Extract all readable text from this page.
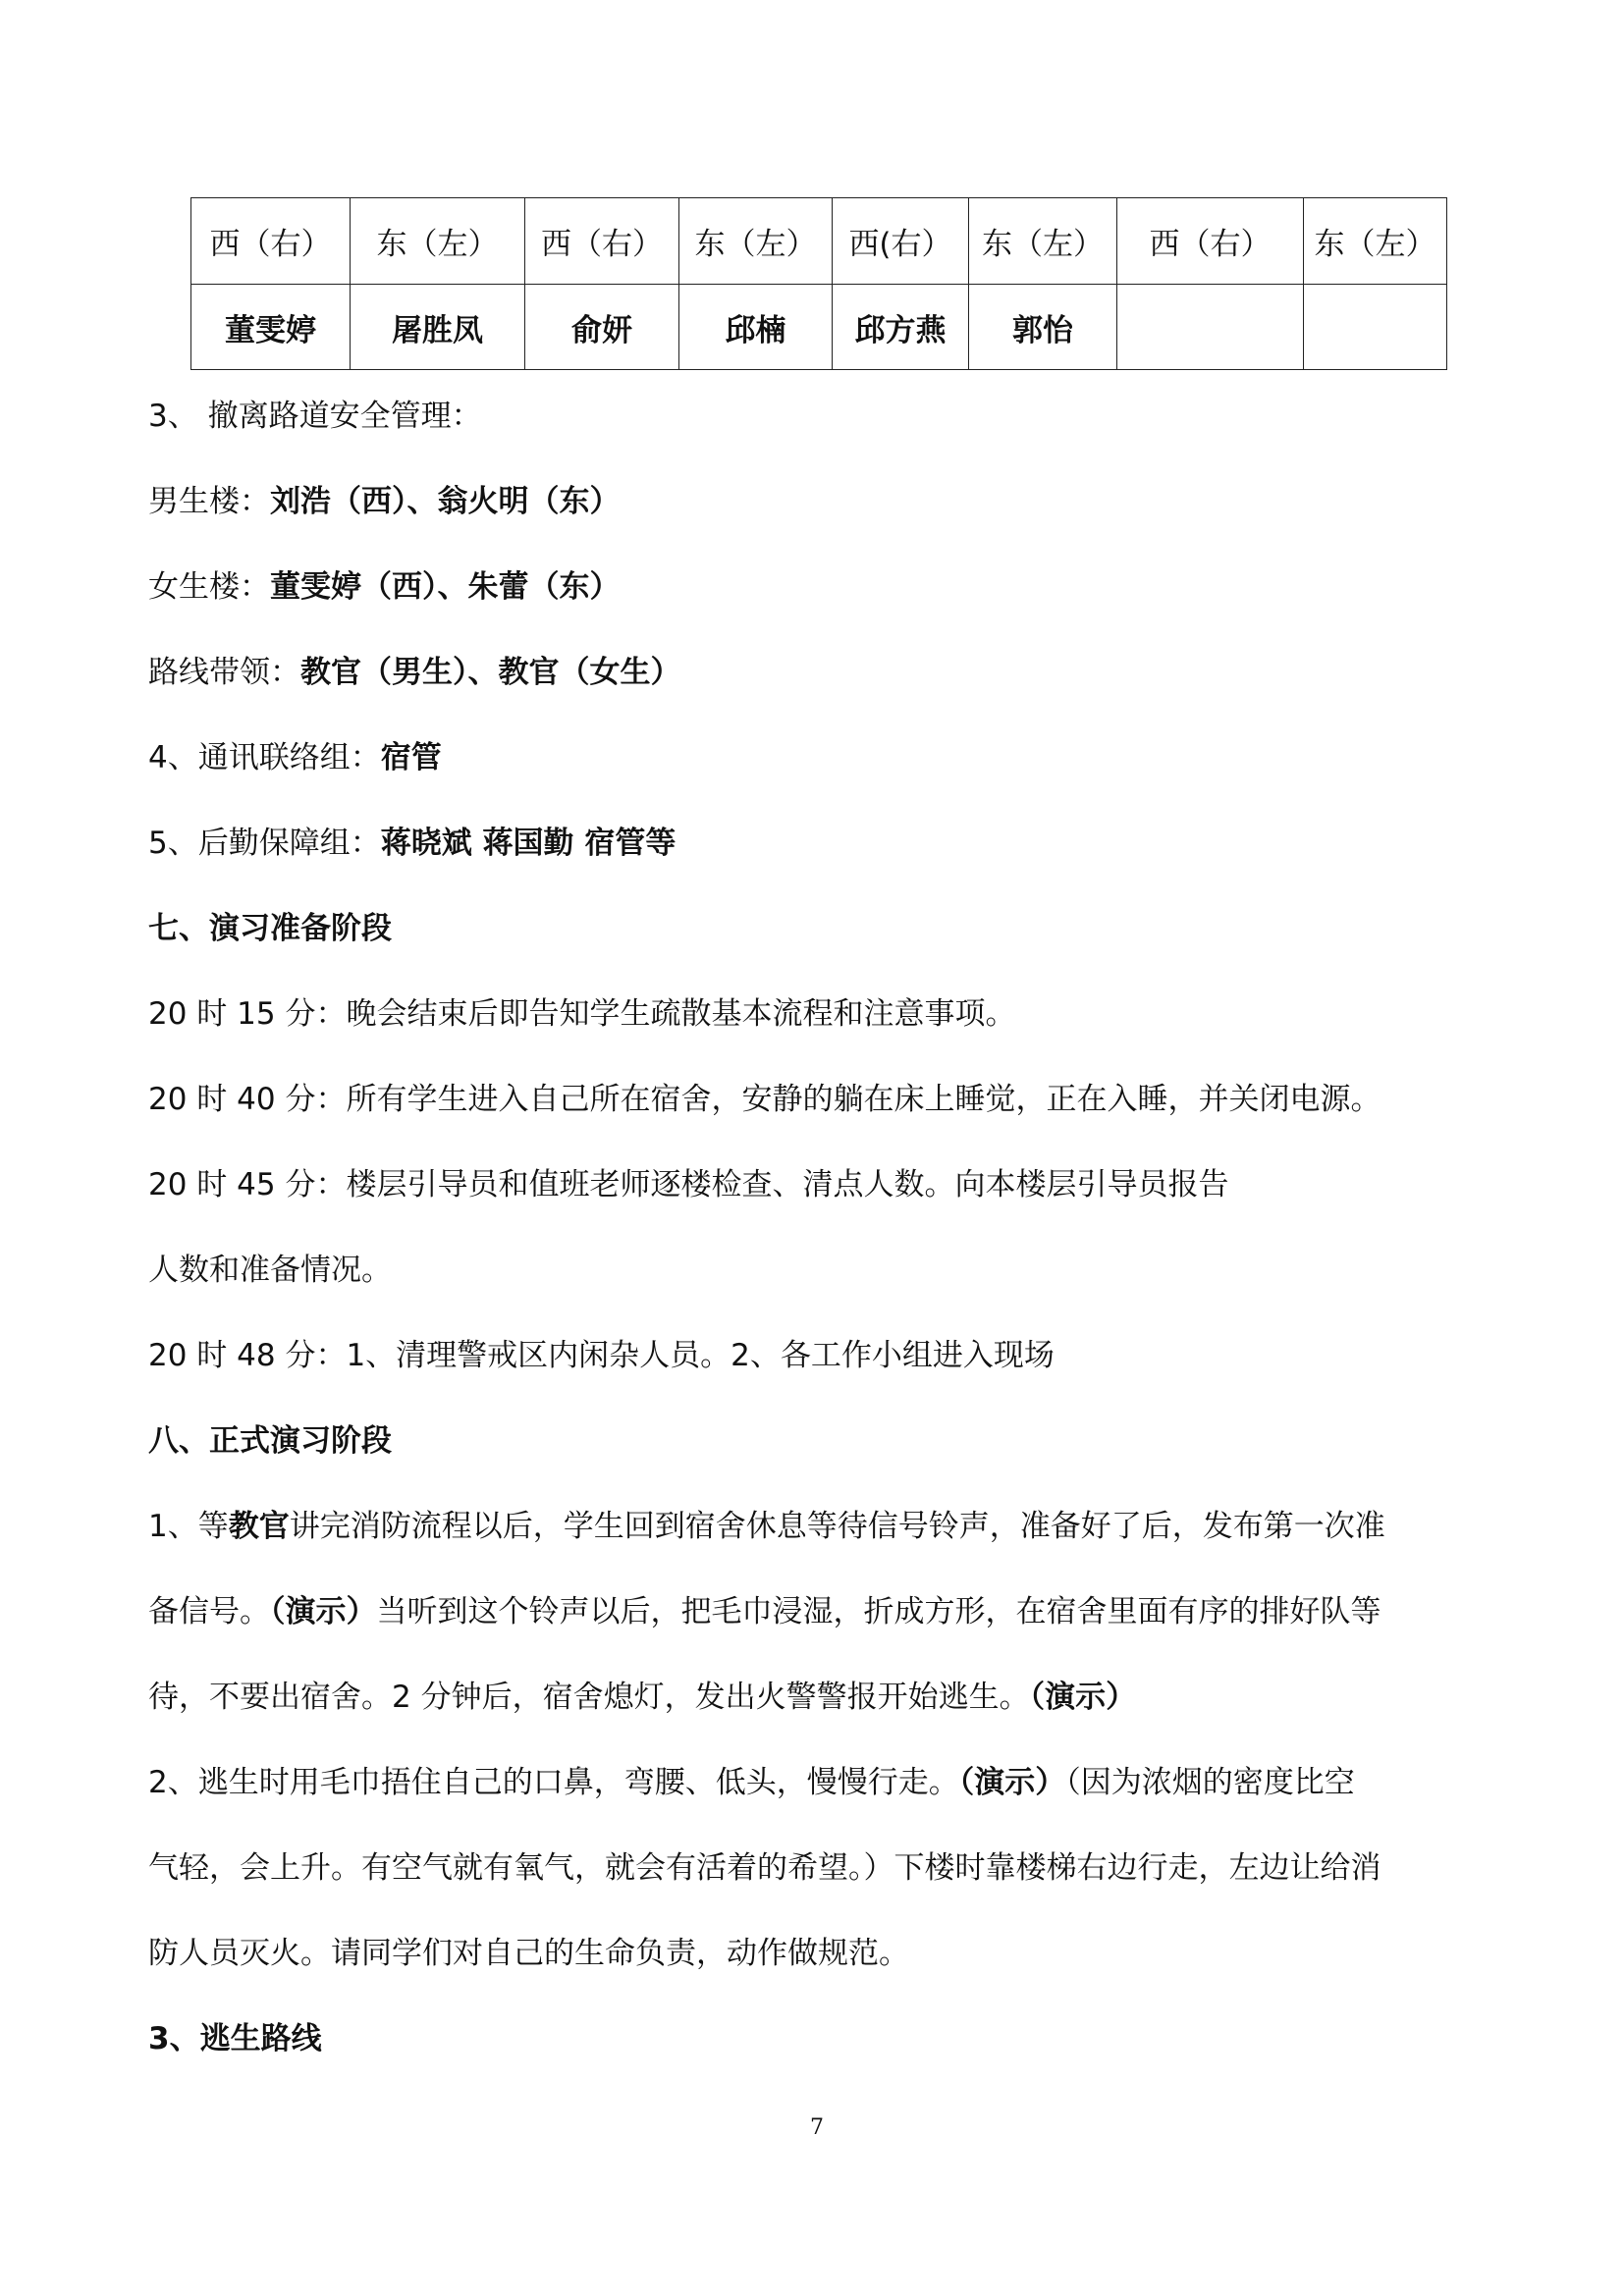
西（右）	东（左）	西（右）	东（左）	西(右）	东（左）	西（右）	东（左）
董雯婷	屠胜凤	俞妍	邱楠	邱方燕	郭怡		
3、 撤离路道安全管理：
男生楼：刘浩（西）、翁火明（东）
女生楼：董雯婷（西）、朱蕾（东）
路线带领：教官（男生）、教官（女生）
4、通讯联络组：宿管
5、后勤保障组：蒋晓斌 蒋国勤 宿管等
七、演习准备阶段
20 时 15 分：晚会结束后即告知学生疏散基本流程和注意事项。
20 时 40 分：所有学生进入自己所在宿舍，安静的躺在床上睡觉，正在入睡，并关闭电源。
20 时 45 分：楼层引导员和值班老师逐楼检查、清点人数。向本楼层引导员报告
人数和准备情况。
20 时 48 分：1、清理警戒区内闲杂人员。2、各工作小组进入现场
八、正式演习阶段
1、等教官讲完消防流程以后，学生回到宿舍休息等待信号铃声，准备好了后，发布第一次准
备信号。（演示）当听到这个铃声以后，把毛巾浸湿，折成方形，在宿舍里面有序的排好队等
待，不要出宿舍。2 分钟后，宿舍熄灯，发出火警警报开始逃生。（演示）
2、逃生时用毛巾捂住自己的口鼻，弯腰、低头，慢慢行走。（演示）（因为浓烟的密度比空
气轻，会上升。有空气就有氧气，就会有活着的希望。）下楼时靠楼梯右边行走，左边让给消
防人员灭火。请同学们对自己的生命负责，动作做规范。
3、逃生路线
7
